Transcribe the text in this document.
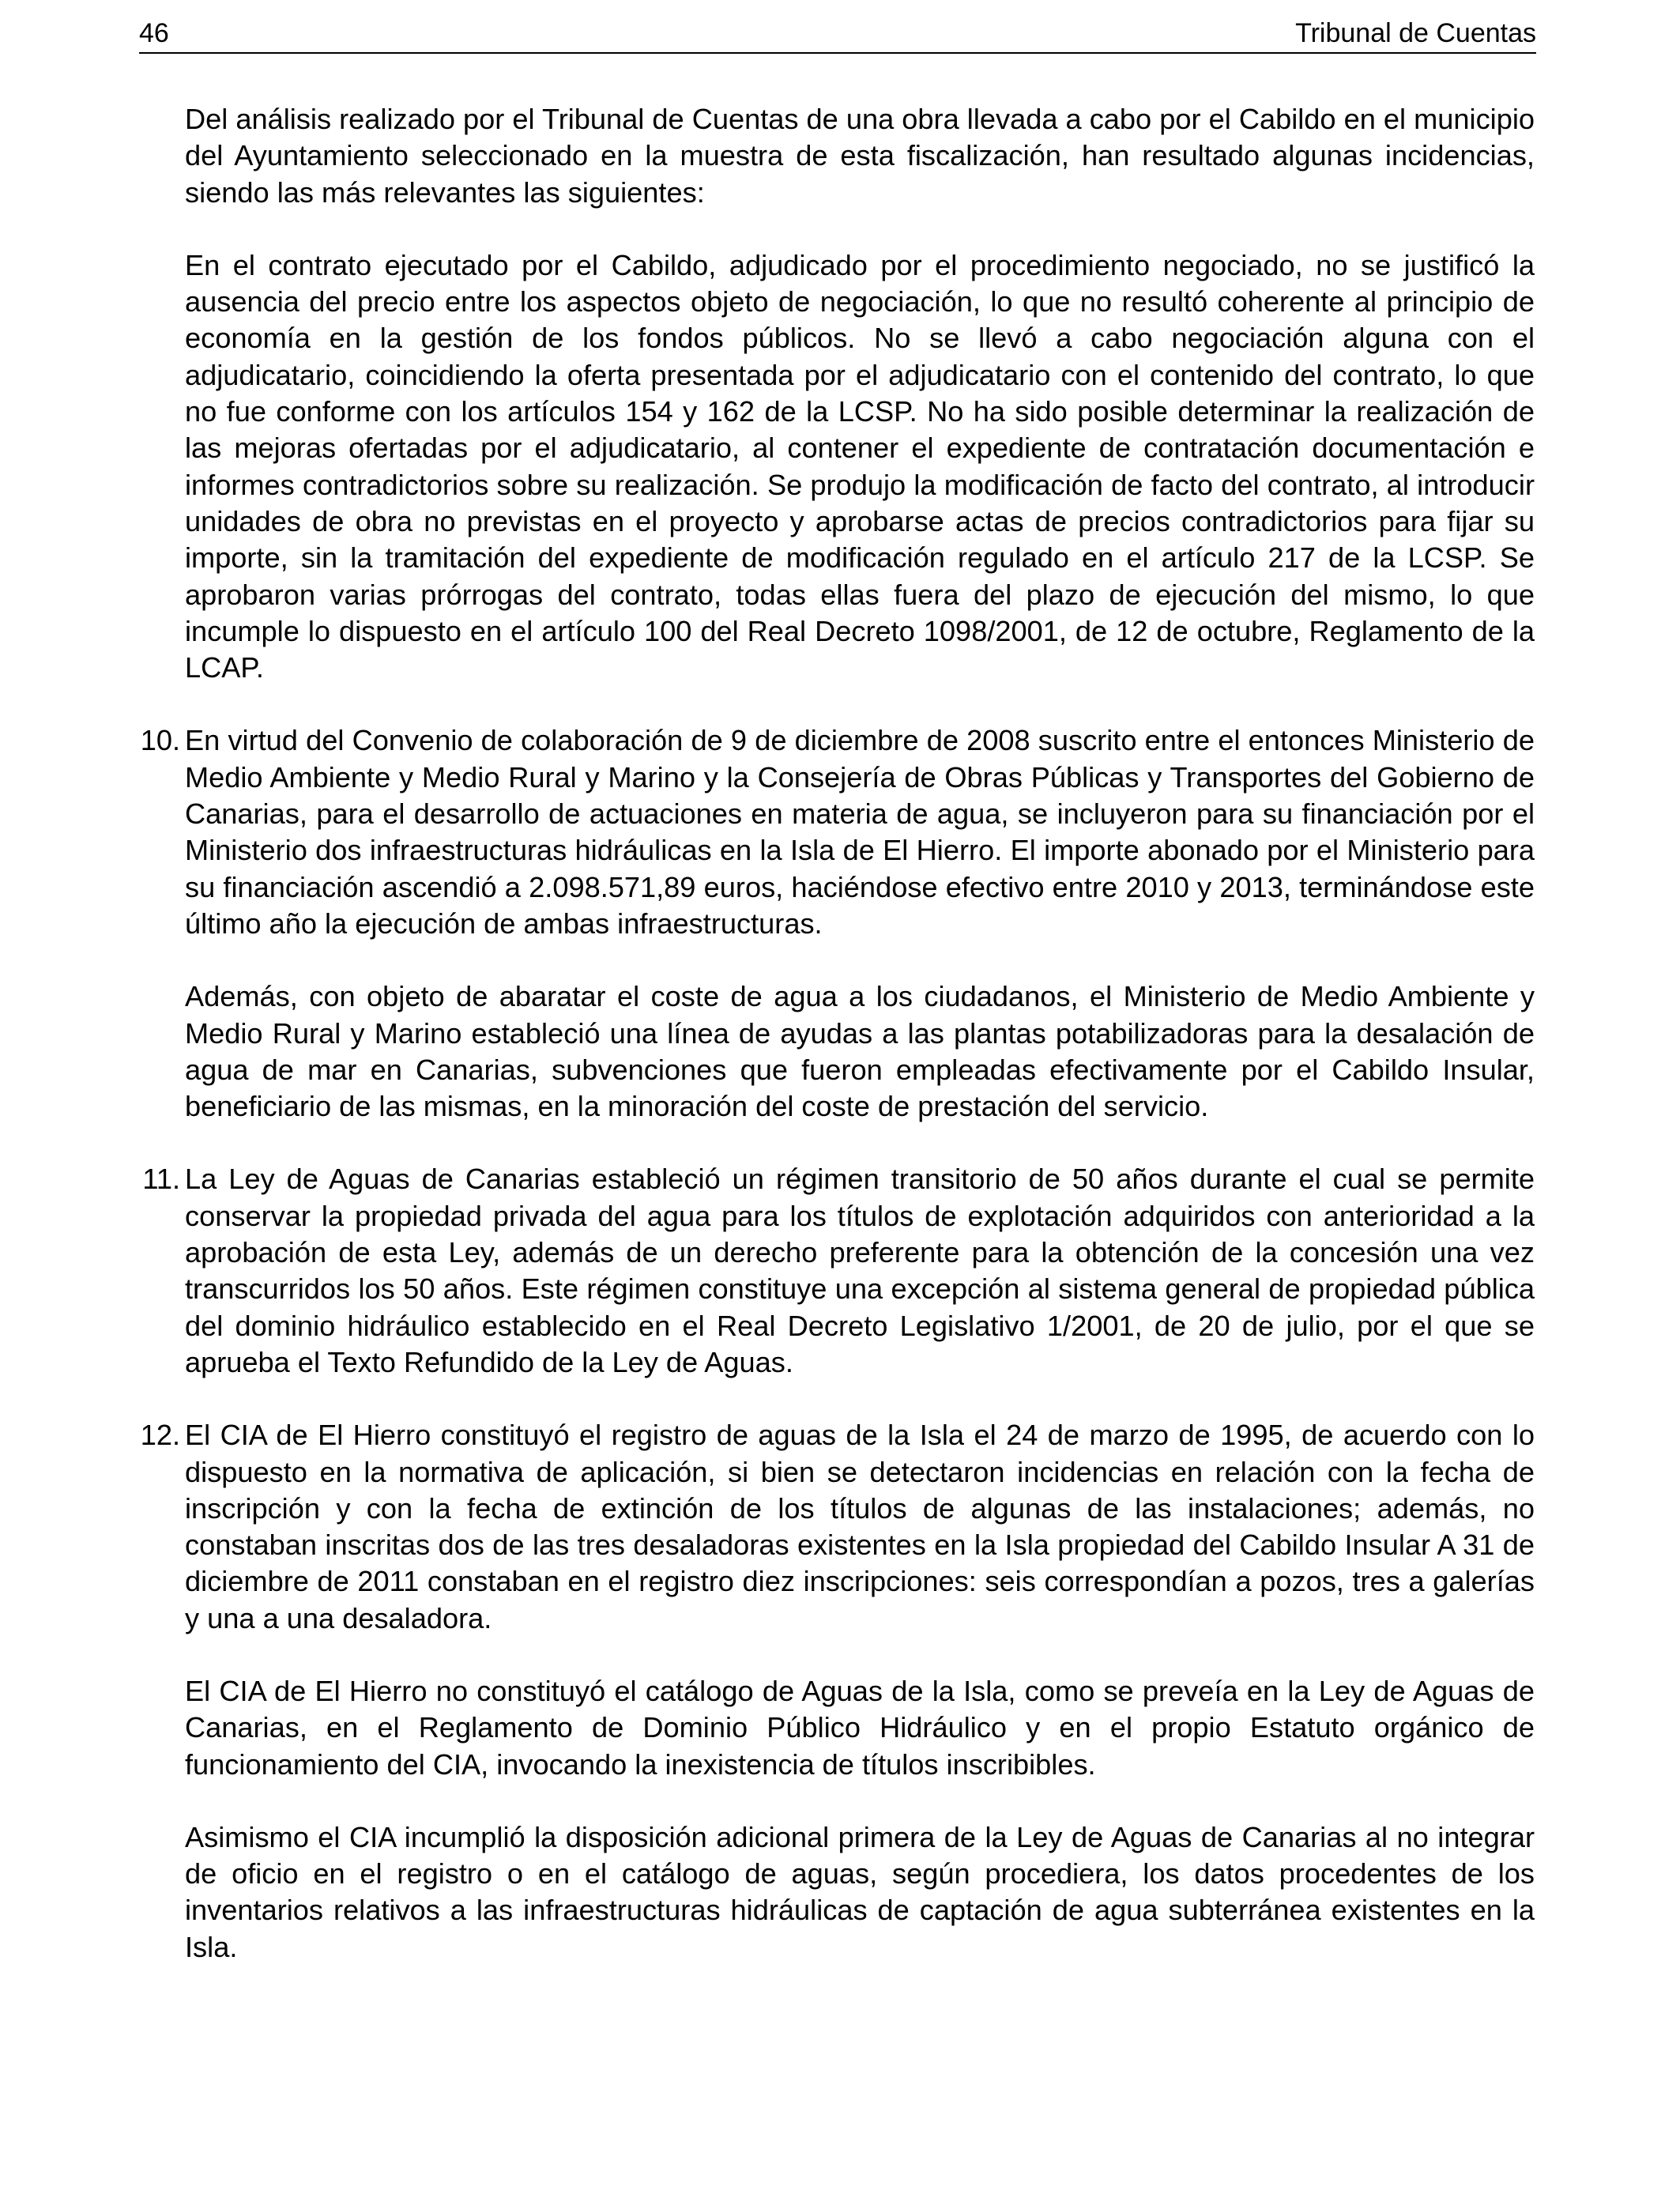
46	Tribunal de Cuentas

Del análisis realizado por el Tribunal de Cuentas de una obra llevada a cabo por el Cabildo en el municipio del Ayuntamiento seleccionado en la muestra de esta fiscalización, han resultado algunas incidencias, siendo las más relevantes las siguientes:

En el contrato ejecutado por el Cabildo, adjudicado por el procedimiento negociado, no se justificó la ausencia del precio entre los aspectos objeto de negociación, lo que no resultó coherente al principio de economía en la gestión de los fondos públicos. No se llevó a cabo negociación alguna con el adjudicatario, coincidiendo la oferta presentada por el adjudicatario con el contenido del contrato, lo que no fue conforme con los artículos 154 y 162 de la LCSP. No ha sido posible determinar la realización de las mejoras ofertadas por el adjudicatario, al contener el expediente de contratación documentación e informes contradictorios sobre su realización. Se produjo la modificación de facto del contrato, al introducir unidades de obra no previstas en el proyecto y aprobarse actas de precios contradictorios para fijar su importe, sin la tramitación del expediente de modificación regulado en el artículo 217 de la LCSP. Se aprobaron varias prórrogas del contrato, todas ellas fuera del plazo de ejecución del mismo, lo que incumple lo dispuesto en el artículo 100 del Real Decreto 1098/2001, de 12 de octubre, Reglamento de la LCAP.

10. En virtud del Convenio de colaboración de 9 de diciembre de 2008 suscrito entre el entonces Ministerio de Medio Ambiente y Medio Rural y Marino y la Consejería de Obras Públicas y Transportes del Gobierno de Canarias, para el desarrollo de actuaciones en materia de agua, se incluyeron para su financiación por el Ministerio dos infraestructuras hidráulicas en la Isla de El Hierro. El importe abonado por el Ministerio para su financiación ascendió a 2.098.571,89 euros, haciéndose efectivo entre 2010 y 2013, terminándose este último año la ejecución de ambas infraestructuras.

Además, con objeto de abaratar el coste de agua a los ciudadanos, el Ministerio de Medio Ambiente y Medio Rural y Marino estableció una línea de ayudas a las plantas potabilizadoras para la desalación de agua de mar en Canarias, subvenciones que fueron empleadas efectivamente por el Cabildo Insular, beneficiario de las mismas, en la minoración del coste de prestación del servicio.

11. La Ley de Aguas de Canarias estableció un régimen transitorio de 50 años durante el cual se permite conservar la propiedad privada del agua para los títulos de explotación adquiridos con anterioridad a la aprobación de esta Ley, además de un derecho preferente para la obtención de la concesión una vez transcurridos los 50 años. Este régimen constituye una excepción al sistema general de propiedad pública del dominio hidráulico establecido en el Real Decreto Legislativo 1/2001, de 20 de julio, por el que se aprueba el Texto Refundido de la Ley de Aguas.

12. El CIA de El Hierro constituyó el registro de aguas de la Isla el 24 de marzo de 1995, de acuerdo con lo dispuesto en la normativa de aplicación, si bien se detectaron incidencias en relación con la fecha de inscripción y con la fecha de extinción de los títulos de algunas de las instalaciones; además, no constaban inscritas dos de las tres desaladoras existentes en la Isla propiedad del Cabildo Insular A 31 de diciembre de 2011 constaban en el registro diez inscripciones: seis correspondían a pozos, tres a galerías y una a una desaladora.

El CIA de El Hierro no constituyó el catálogo de Aguas de la Isla, como se preveía en la Ley de Aguas de Canarias, en el Reglamento de Dominio Público Hidráulico y en el propio Estatuto orgánico de funcionamiento del CIA, invocando la inexistencia de títulos inscribibles.

Asimismo el CIA incumplió la disposición adicional primera de la Ley de Aguas de Canarias al no integrar de oficio en el registro o en el catálogo de aguas, según procediera, los datos procedentes de los inventarios relativos a las infraestructuras hidráulicas de captación de agua subterránea existentes en la Isla.
